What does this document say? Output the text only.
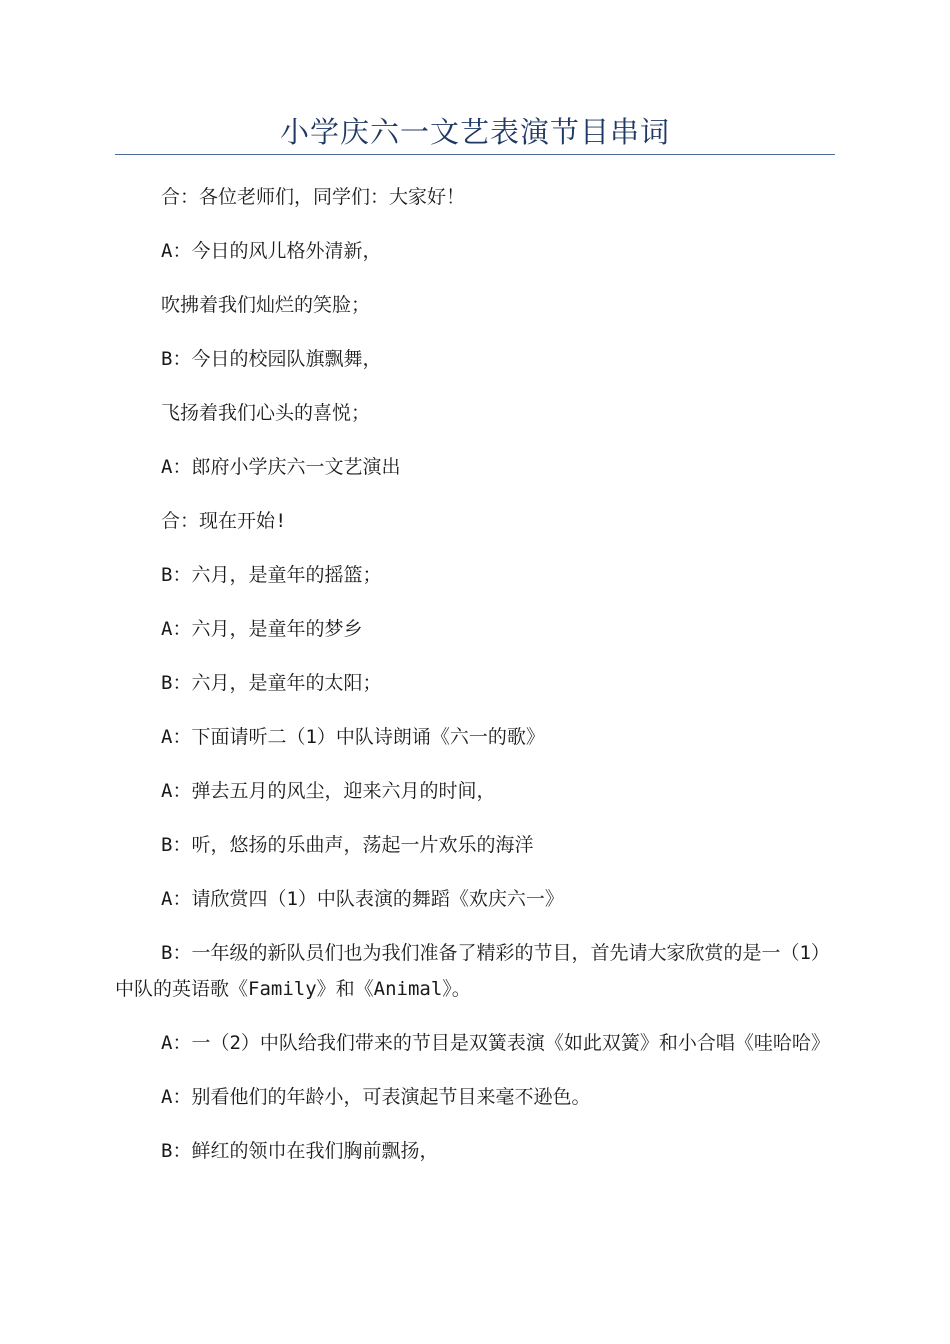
小学庆六一文艺表演节目串词

合：各位老师们，同学们：大家好！

A：今日的风儿格外清新，

吹拂着我们灿烂的笑脸；

B：今日的校园队旗飘舞，

飞扬着我们心头的喜悦；

A：郎府小学庆六一文艺演出

合：现在开始!

B：六月，是童年的摇篮；

A：六月，是童年的梦乡

B：六月，是童年的太阳；

A：下面请听二（1）中队诗朗诵《六一的歌》

A：弹去五月的风尘，迎来六月的时间，

B：听，悠扬的乐曲声，荡起一片欢乐的海洋

A：请欣赏四（1）中队表演的舞蹈《欢庆六一》

B：一年级的新队员们也为我们准备了精彩的节目，首先请大家欣赏的是一（1）中队的英语歌《Family》和《Animal》。

A：一（2）中队给我们带来的节目是双簧表演《如此双簧》和小合唱《哇哈哈》

A：别看他们的年龄小，可表演起节目来毫不逊色。

B：鲜红的领巾在我们胸前飘扬，
